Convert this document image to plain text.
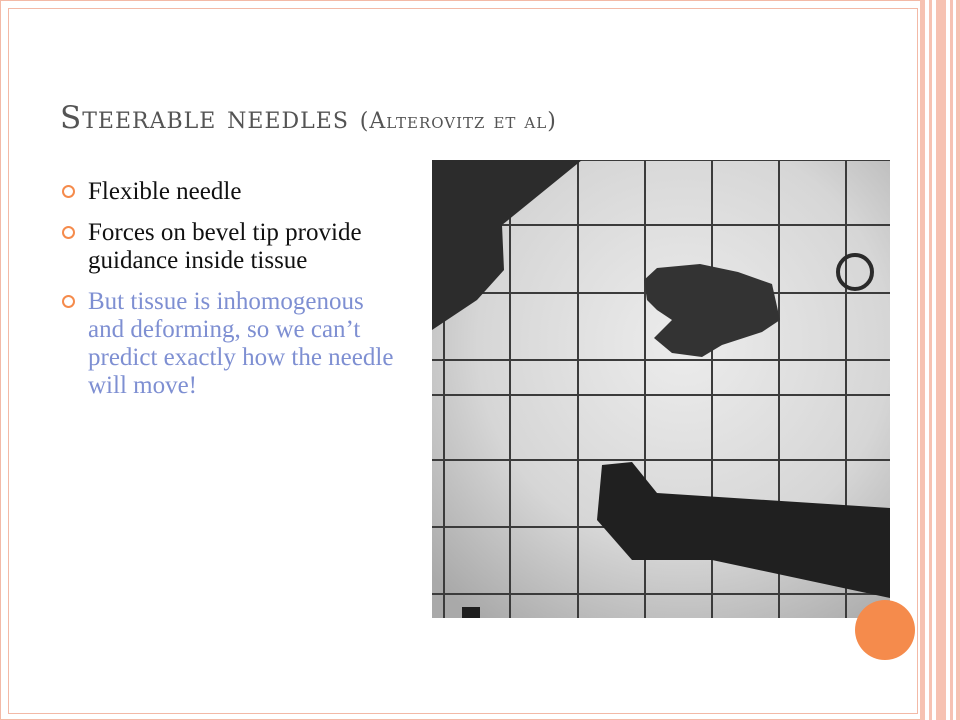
Steerable needles (Alterovitz et al)
Flexible needle
Forces on bevel tip provide guidance inside tissue
But tissue is inhomogenous and deforming, so we can’t predict exactly how the needle will move!
